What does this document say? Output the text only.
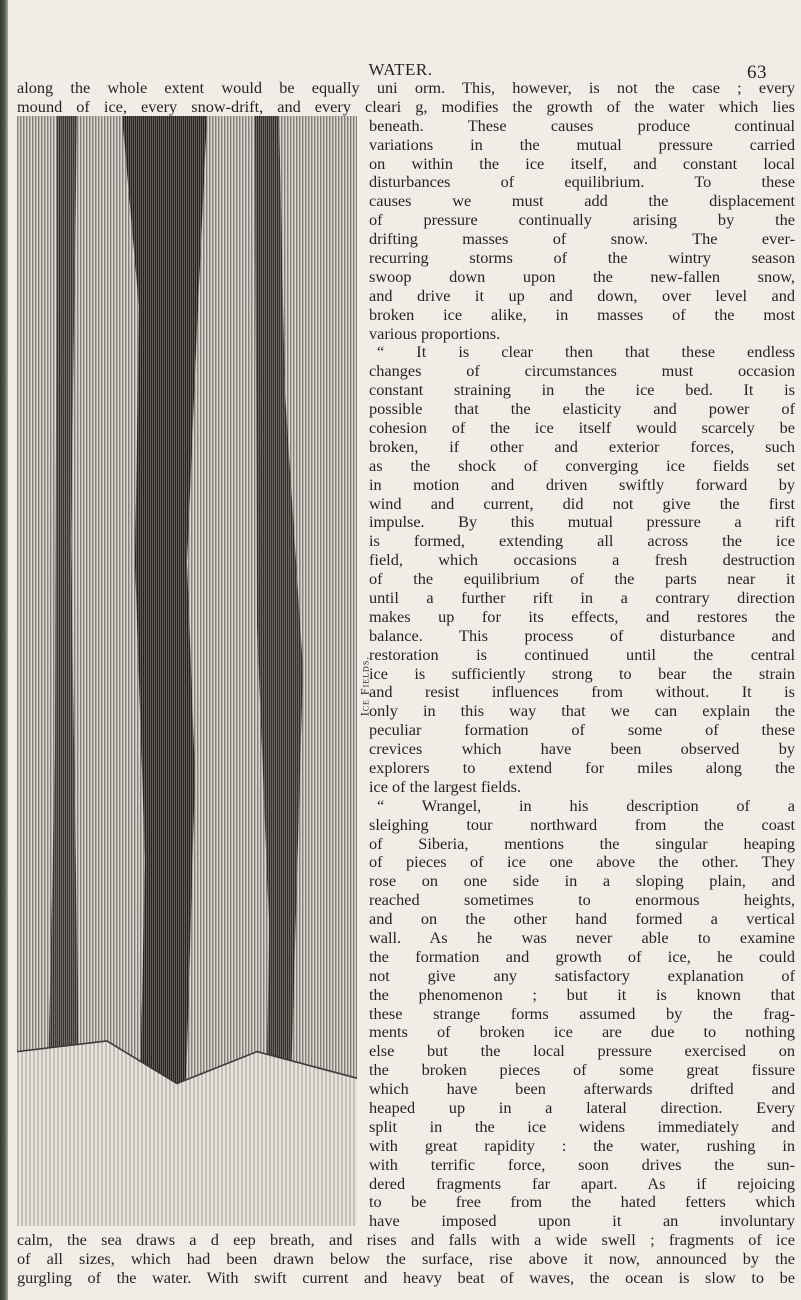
WATER.	63
Ice Fields.
along the whole extent would be equally uni orm. This, however, is not the case ; every
mound of ice, every snow-drift, and every cleari g, modifies the growth of the water which lies
beneath. These causes produce continual
variations in the mutual pressure carried
on within the ice itself, and constant local
disturbances of equilibrium. To these
causes we must add the displacement
of pressure continually arising by the
drifting masses of snow. The ever-
recurring storms of the wintry season
swoop down upon the new-fallen snow,
and drive it up and down, over level and
broken ice alike, in masses of the most
various proportions.
“ It is clear then that these endless
changes of circumstances must occasion
constant straining in the ice bed. It is
possible that the elasticity and power of
cohesion of the ice itself would scarcely be
broken, if other and exterior forces, such
as the shock of converging ice fields set
in motion and driven swiftly forward by
wind and current, did not give the first
impulse. By this mutual pressure a rift
is formed, extending all across the ice
field, which occasions a fresh destruction
of the equilibrium of the parts near it
until a further rift in a contrary direction
makes up for its effects, and restores the
balance. This process of disturbance and
restoration is continued until the central
ice is sufficiently strong to bear the strain
and resist influences from without. It is
only in this way that we can explain the
peculiar formation of some of these
crevices which have been observed by
explorers to extend for miles along the
ice of the largest fields.
“ Wrangel, in his description of a
sleighing tour northward from the coast
of Siberia, mentions the singular heaping
of pieces of ice one above the other. They
rose on one side in a sloping plain, and
reached sometimes to enormous heights,
and on the other hand formed a vertical
wall. As he was never able to examine
the formation and growth of ice, he could
not give any satisfactory explanation of
the phenomenon ; but it is known that
these strange forms assumed by the frag-
ments of broken ice are due to nothing
else but the local pressure exercised on
the broken pieces of some great fissure
which have been afterwards drifted and
heaped up in a lateral direction. Every
split in the ice widens immediately and
with great rapidity : the water, rushing in
with terrific force, soon drives the sun-
dered fragments far apart. As if rejoicing
to be free from the hated fetters which
have imposed upon it an involuntary
calm, the sea draws a d eep breath, and rises and falls with a wide swell ; fragments of ice
of all sizes, which had been drawn below the surface, rise above it now, announced by the
gurgling of the water. With swift current and heavy beat of waves, the ocean is slow to be
